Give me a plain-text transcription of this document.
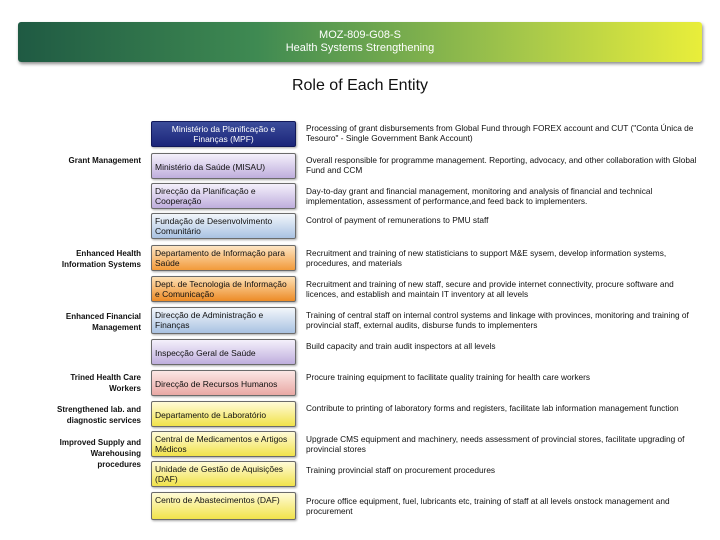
MOZ-809-G08-S
Health Systems Strengthening
Role of Each Entity
Grant Management
Enhanced Health Information Systems
Enhanced Financial Management
Trined Health Care Workers
Strengthened lab. and diagnostic services
Improved Supply and Warehousing procedures
Ministério da Planificação e Finanças (MPF)
Ministério da Saúde (MISAU)
Direcção da Planificação e Cooperação
Fundação de Desenvolvimento Comunitário
Departamento de Informação para Saúde
Dept. de Tecnologia de Informação e Comunicação
Direcção de Administração e Finanças
Inspecção Geral de Saúde
Direcção de Recursos Humanos
Departamento de Laboratório
Central de Medicamentos e Artigos Médicos
Unidade de Gestão de Aquisições (DAF)
Centro de Abastecimentos (DAF)
Processing of grant disbursements from Global Fund through FOREX account and CUT ("Conta Única de Tesouro" - Single Government Bank Account)
Overall responsible for programme management. Reporting, advocacy, and other collaboration with Global Fund and CCM
Day-to-day grant and financial management, monitoring and analysis of financial and technical implementation, assessment of performance,and feed back to implementers.
Control of payment of remunerations to PMU staff
Recruitment and training of new statisticians to support M&E sysem, develop information systems, procedures, and materials
Recruitment and training of new staff, secure and provide internet connectivity, procure software and licences, and establish and maintain IT inventory at all levels
Training of central staff on internal control systems and linkage with provinces, monitoring and training of provincial staff, external audits, disburse funds to implementers
Build capacity and train audit inspectors at all levels
Procure training equipment to facilitate quality training for health care workers
Contribute to printing of laboratory forms and registers, facilitate lab information management function
Upgrade CMS equipment and machinery, needs assessment of provincial stores, facilitate upgrading of provincial stores
Training provincial staff on procurement procedures
Procure office equipment, fuel, lubricants etc, training of staff at all levels onstock management and procurement
